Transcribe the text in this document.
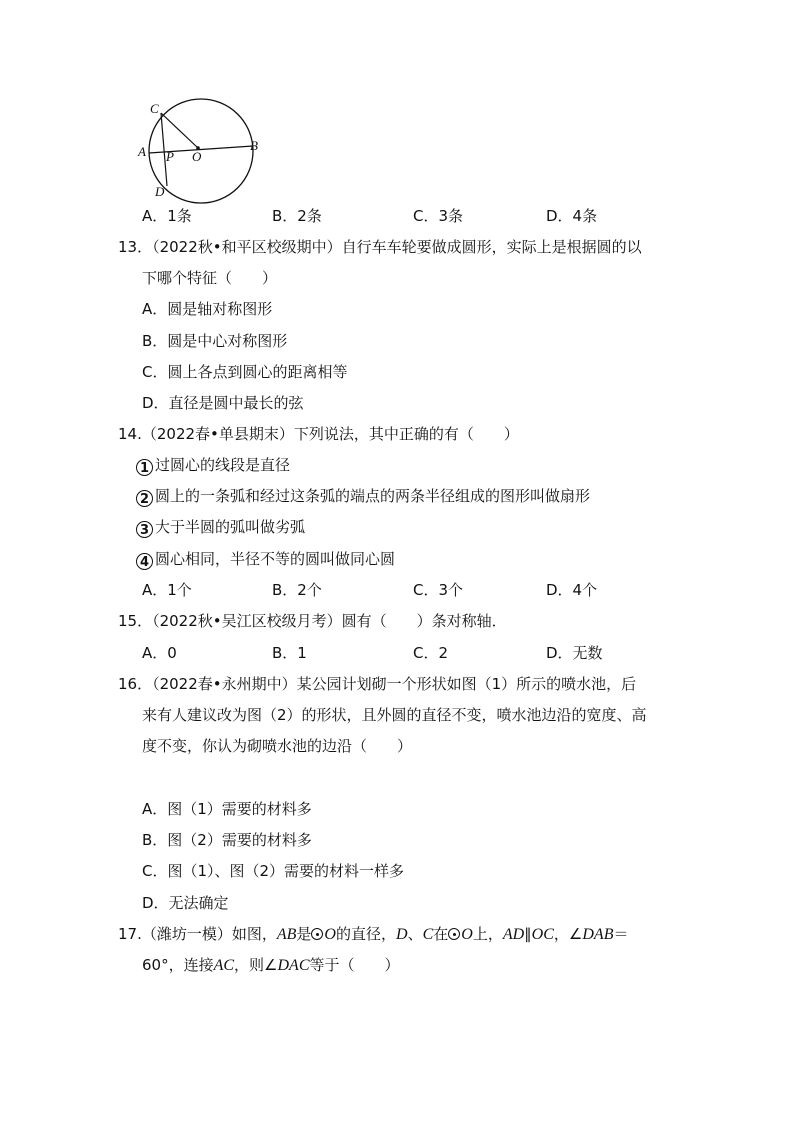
C
A P O
B
D
A．1条	B．2条	C．3条	D．4条
13．（2022秋•和平区校级期中）自行车车轮要做成圆形，实际上是根据圆的以
下哪个特征（　　）
A．圆是轴对称图形
B．圆是中心对称图形
C．圆上各点到圆心的距离相等
D．直径是圆中最长的弦
14.（2022春•单县期末）下列说法，其中正确的有（　　）
1 过圆心的线段是直径
2 圆上的一条弧和经过这条弧的端点的两条半径组成的图形叫做扇形
3 大于半圆的弧叫做劣弧
4 圆心相同，半径不等的圆叫做同心圆
A．1个	B．2个	C．3个	D．4个
15．（2022秋•吴江区校级月考）圆有（　　）条对称轴．
A．0	B．1	C．2	D．无数
16．（2022春•永州期中）某公园计划砌一个形状如图（1）所示的喷水池，后
来有人建议改为图（2）的形状，且外圆的直径不变，喷水池边沿的宽度、高
度不变，你认为砌喷水池的边沿（　　）
A．图（1）需要的材料多
B．图（2）需要的材料多
C．图（1）、图（2）需要的材料一样多
D．无法确定
17.（潍坊一模）如图，AB是 O的直径，D、C在 O上，AD∥OC，∠DAB＝
60°，连接AC，则∠DAC等于（　　）
